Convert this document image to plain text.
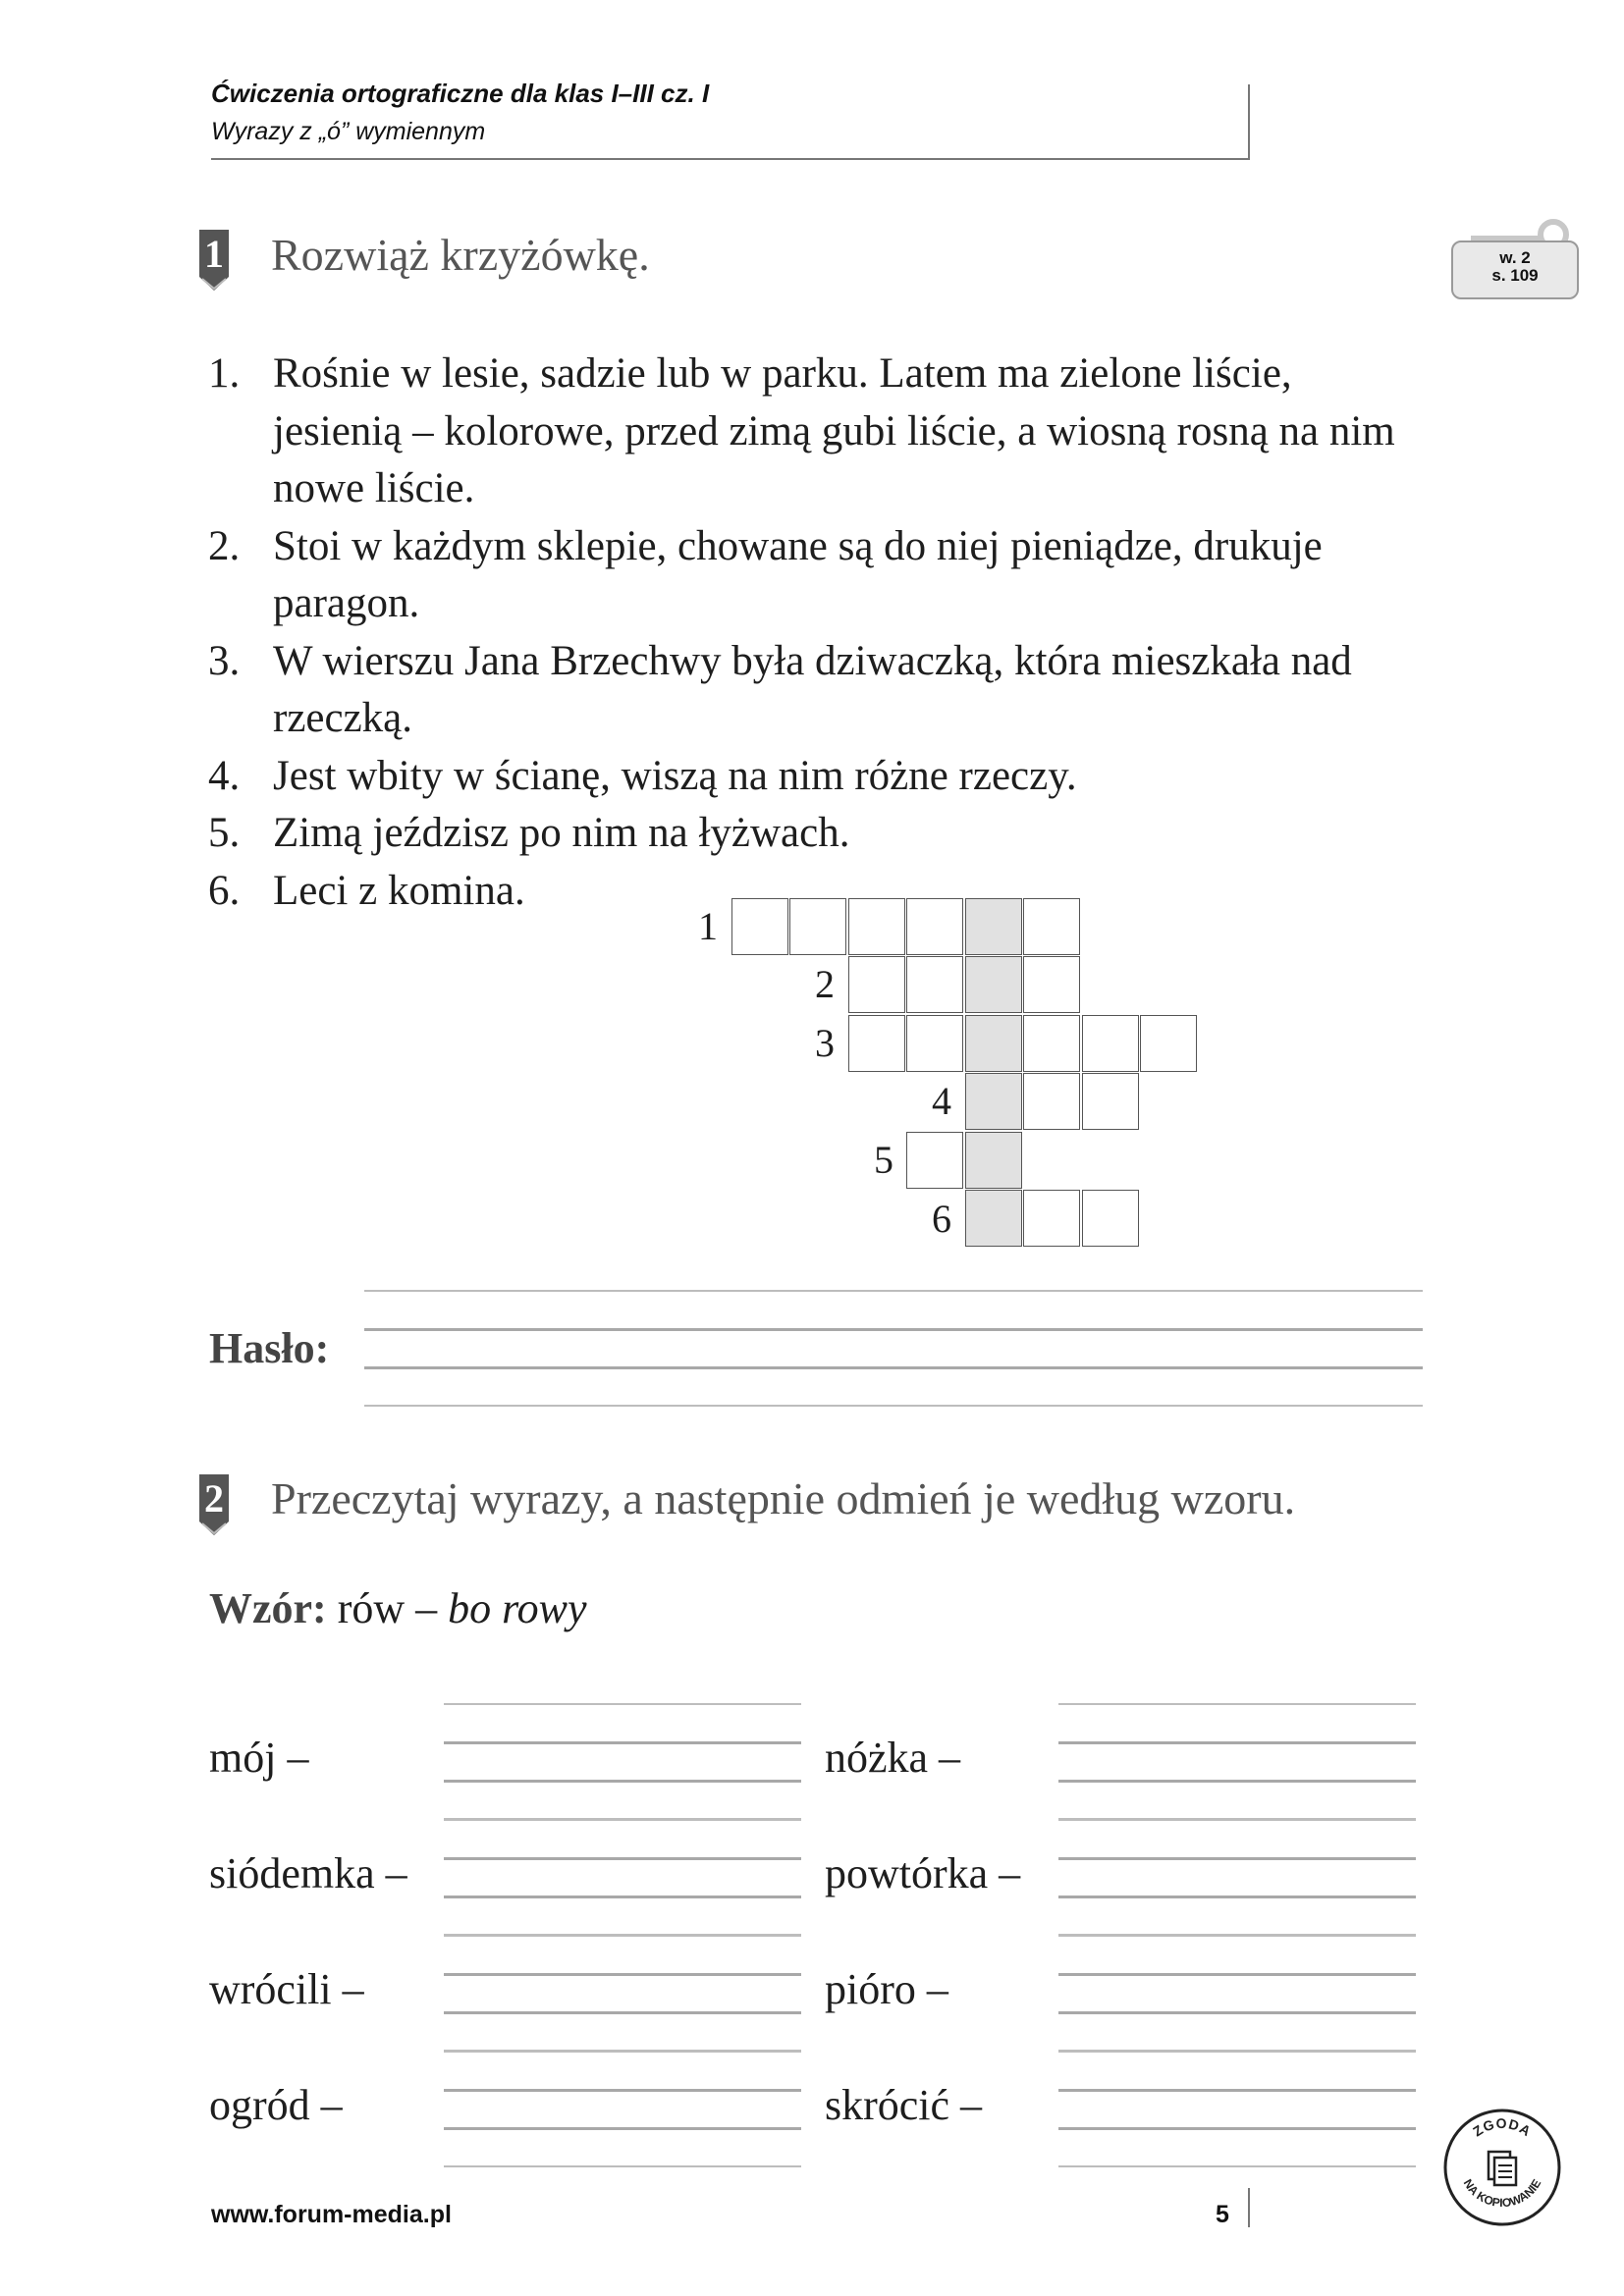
Ćwiczenia ortograficzne dla klas I–III cz. I
Wyrazy z „ó” wymiennym
w. 2
s. 109
1 Rozwiąż krzyżówkę.
1. Rośnie w lesie, sadzie lub w parku. Latem ma zielone liście, jesienią – kolorowe, przed zimą gubi liście, a wiosną rosną na nim nowe liście.
2. Stoi w każdym sklepie, chowane są do niej pieniądze, drukuje paragon.
3. W wierszu Jana Brzechwy była dziwaczką, która mieszkała nad rzeczką.
4. Jest wbity w ścianę, wiszą na nim różne rzeczy.
5. Zimą jeździsz po nim na łyżwach.
6. Leci z komina.
1
2
3
4
5
6
Hasło:
2 Przeczytaj wyrazy, a następnie odmień je według wzoru.
Wzór: rów – bo rowy
mój –
siódemka –
wrócili –
ogród –
nóżka –
powtórka –
pióro –
skrócić –
www.forum-media.pl	5
ZGODA
NA KOPIOWANIE
